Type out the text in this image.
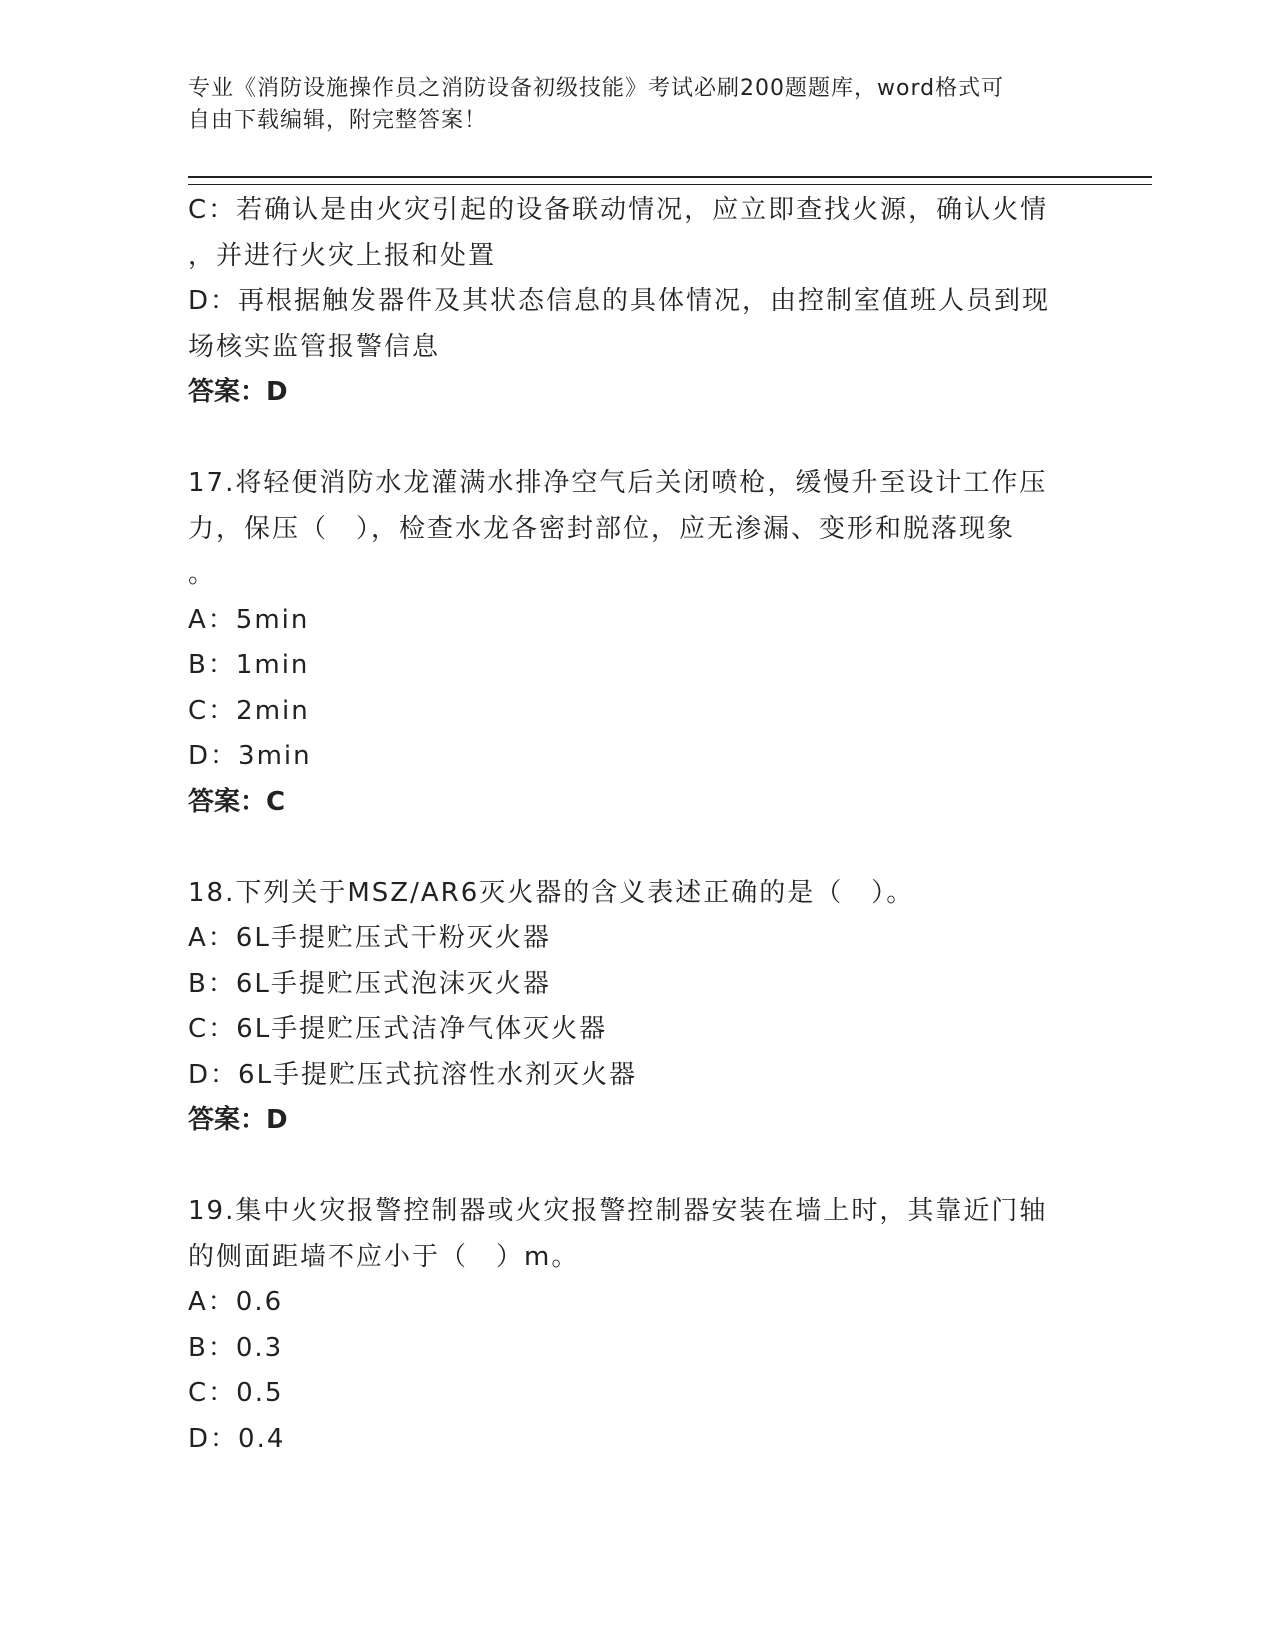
专业《消防设施操作员之消防设备初级技能》考试必刷200题题库，word格式可
自由下载编辑，附完整答案！
C：若确认是由火灾引起的设备联动情况，应立即查找火源，确认火情
，并进行火灾上报和处置
D：再根据触发器件及其状态信息的具体情况，由控制室值班人员到现
场核实监管报警信息
答案：D
17.将轻便消防水龙灌满水排净空气后关闭喷枪，缓慢升至设计工作压
力，保压（　），检查水龙各密封部位，应无渗漏、变形和脱落现象
。
A：5min
B：1min
C：2min
D：3min
答案：C
18.下列关于MSZ/AR6灭火器的含义表述正确的是（　）。
A：6L手提贮压式干粉灭火器
B：6L手提贮压式泡沫灭火器
C：6L手提贮压式洁净气体灭火器
D：6L手提贮压式抗溶性水剂灭火器
答案：D
19.集中火灾报警控制器或火灾报警控制器安装在墙上时，其靠近门轴
的侧面距墙不应小于（　）m。
A：0.6
B：0.3
C：0.5
D：0.4
